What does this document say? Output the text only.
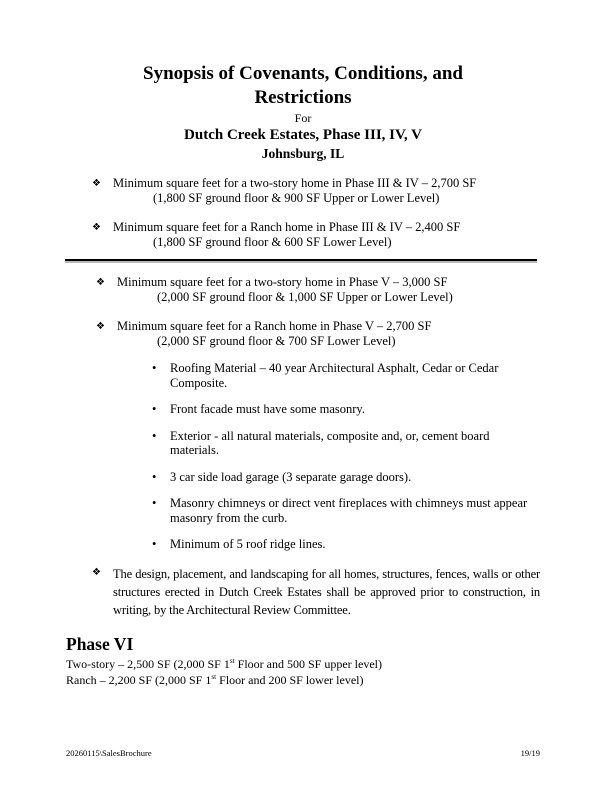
Synopsis of Covenants, Conditions, and
Restrictions
For
Dutch Creek Estates, Phase III, IV, V
Johnsburg, IL
❖ Minimum square feet for a two-story home in Phase III & IV – 2,700 SF
(1,800 SF ground floor & 900 SF Upper or Lower Level)
❖ Minimum square feet for a Ranch home in Phase III & IV – 2,400 SF
(1,800 SF ground floor & 600 SF Lower Level)
❖ Minimum square feet for a two-story home in Phase V – 3,000 SF
(2,000 SF ground floor & 1,000 SF Upper or Lower Level)
❖ Minimum square feet for a Ranch home in Phase V – 2,700 SF
(2,000 SF ground floor & 700 SF Lower Level)
•	Roofing Material – 40 year Architectural Asphalt, Cedar or Cedar Composite.
•	Front facade must have some masonry.
•	Exterior - all natural materials, composite and, or, cement board materials.
•	3 car side load garage (3 separate garage doors).
•	Masonry chimneys or direct vent fireplaces with chimneys must appear masonry from the curb.
•	Minimum of 5 roof ridge lines.
❖ The design, placement, and landscaping for all homes, structures, fences, walls or other structures erected in Dutch Creek Estates shall be approved prior to construction, in writing, by the Architectural Review Committee.
Phase VI
Two-story – 2,500 SF (2,000 SF 1st Floor and 500 SF upper level)
Ranch – 2,200 SF (2,000 SF 1st Floor and 200 SF lower level)
20260115\SalesBrochure	19/19
